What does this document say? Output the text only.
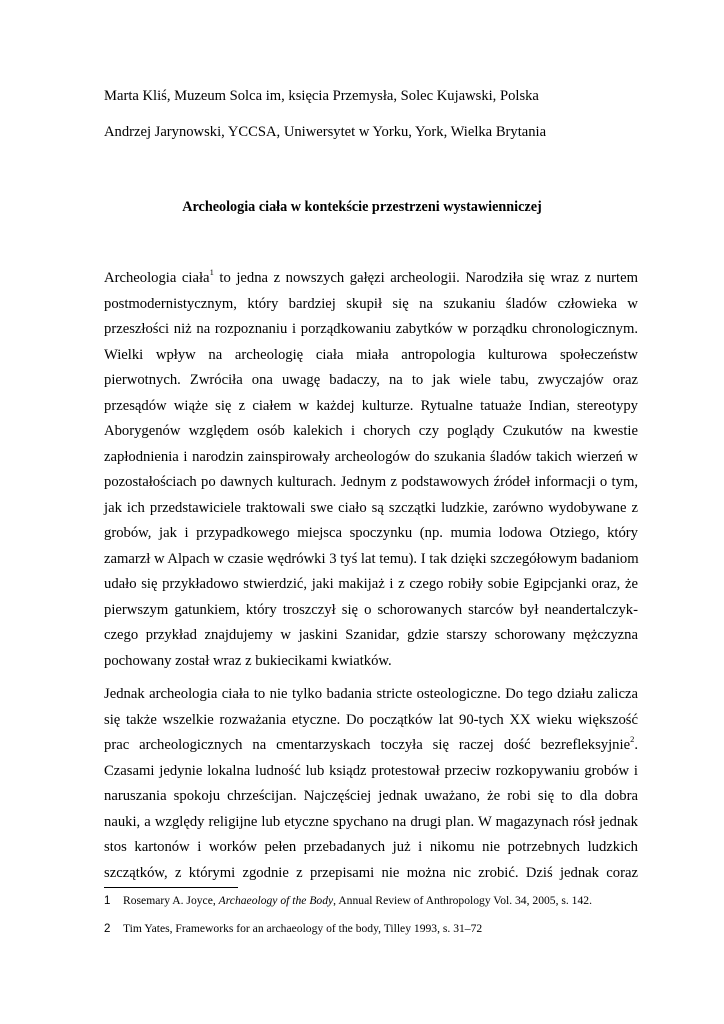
Marta Kliś, Muzeum Solca im, księcia Przemysła, Solec Kujawski, Polska
Andrzej Jarynowski, YCCSA, Uniwersytet w Yorku, York, Wielka Brytania
Archeologia ciała w kontekście przestrzeni wystawienniczej
Archeologia ciała$^1$ to jedna z nowszych gałęzi archeologii. Narodziła się wraz z nurtem
postmodernistycznym, który bardziej skupił się na szukaniu śladów człowieka w
przeszłości niż na rozpoznaniu i porządkowaniu zabytków w porządku chronologicznym.
Wielki wpływ na archeologię ciała miała antropologia kulturowa społeczeństw
pierwotnych. Zwróciła ona uwagę badaczy, na to jak wiele tabu, zwyczajów oraz
przesądów wiąże się z ciałem w każdej kulturze. Rytualne tatuaże Indian, stereotypy
Aborygenów względem osób kalekich i chorych czy poglądy Czukutów na kwestie
zapłodnienia i narodzin zainspirowały archeologów do szukania śladów takich wierzeń w
pozostałościach po dawnych kulturach. Jednym z podstawowych źródeł informacji o tym,
jak ich przedstawiciele traktowali swe ciało są szczątki ludzkie, zarówno wydobywane z
grobów, jak i przypadkowego miejsca spoczynku (np. mumia lodowa Otziego, który
zamarzł w Alpach w czasie wędrówki 3 tyś lat temu). I tak dzięki szczegółowym badaniom
udało się przykładowo stwierdzić, jaki makijaż i z czego robiły sobie Egipcjanki oraz, że
pierwszym gatunkiem, który troszczył się o schorowanych starców był neandertalczyk-
czego przykład znajdujemy w jaskini Szanidar, gdzie starszy schorowany mężczyzna
pochowany został wraz z bukiecikami kwiatków.
Jednak archeologia ciała to nie tylko badania stricte osteologiczne. Do tego działu zalicza
się także wszelkie rozważania etyczne. Do początków lat 90-tych XX wieku większość
prac archeologicznych na cmentarzyskach toczyła się raczej dość bezrefleksyjnie$^2$.
Czasami jedynie lokalna ludność lub ksiądz protestował przeciw rozkopywaniu grobów i
naruszania spokoju chrześcijan. Najczęściej jednak uważano, że robi się to dla dobra
nauki, a względy religijne lub etyczne spychano na drugi plan. W magazynach rósł jednak
stos kartonów i worków pełen przebadanych już i nikomu nie potrzebnych ludzkich
szczątków, z którymi zgodnie z przepisami nie można nic zrobić. Dziś jednak coraz
1 Rosemary A. Joyce, Archaeology of the Body, Annual Review of Anthropology Vol. 34, 2005, s. 142.
2 Tim Yates, Frameworks for an archaeology of the body, Tilley 1993, s. 31–72
